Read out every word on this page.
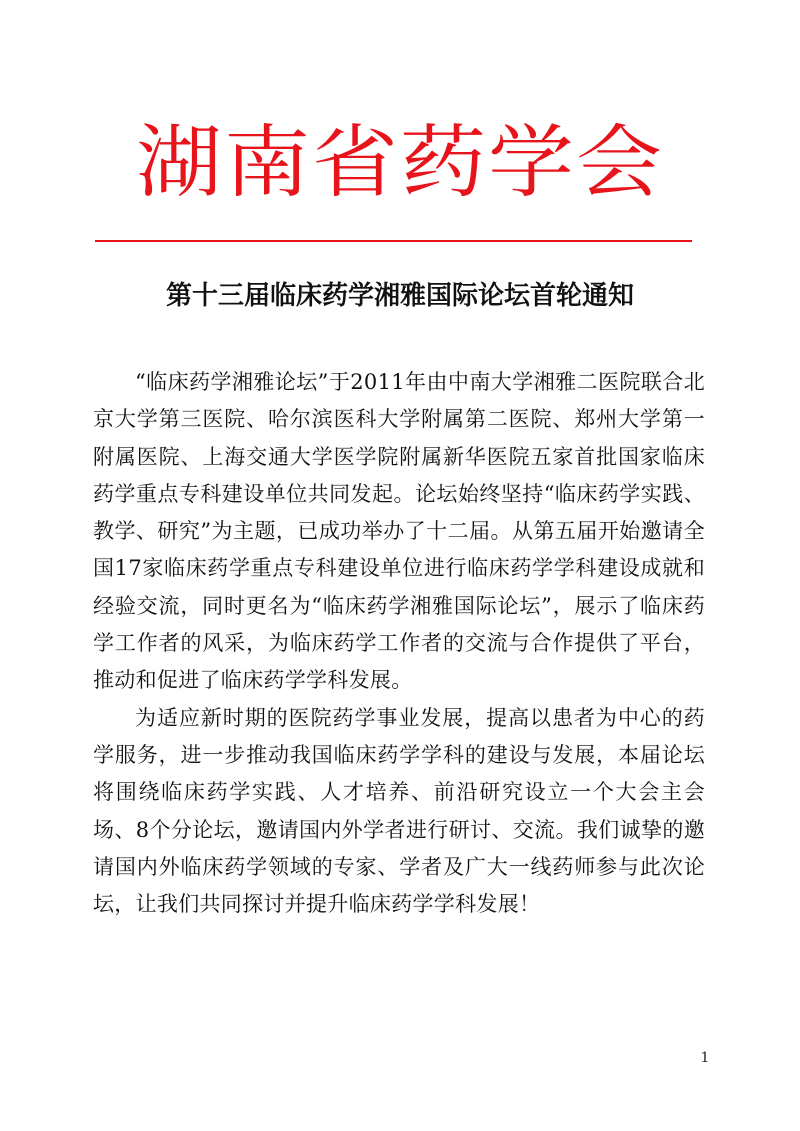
湖南省药学会
第十三届临床药学湘雅国际论坛首轮通知

“临床药学湘雅论坛”于2011年由中南大学湘雅二医院联合北京大学第三医院、哈尔滨医科大学附属第二医院、郑州大学第一附属医院、上海交通大学医学院附属新华医院五家首批国家临床药学重点专科建设单位共同发起。论坛始终坚持“临床药学实践、教学、研究”为主题，已成功举办了十二届。从第五届开始邀请全国17家临床药学重点专科建设单位进行临床药学学科建设成就和经验交流，同时更名为“临床药学湘雅国际论坛”，展示了临床药学工作者的风采，为临床药学工作者的交流与合作提供了平台，推动和促进了临床药学学科发展。

为适应新时期的医院药学事业发展，提高以患者为中心的药学服务，进一步推动我国临床药学学科的建设与发展，本届论坛将围绕临床药学实践、人才培养、前沿研究设立一个大会主会场、8个分论坛，邀请国内外学者进行研讨、交流。我们诚挚的邀请国内外临床药学领域的专家、学者及广大一线药师参与此次论坛，让我们共同探讨并提升临床药学学科发展！

1
